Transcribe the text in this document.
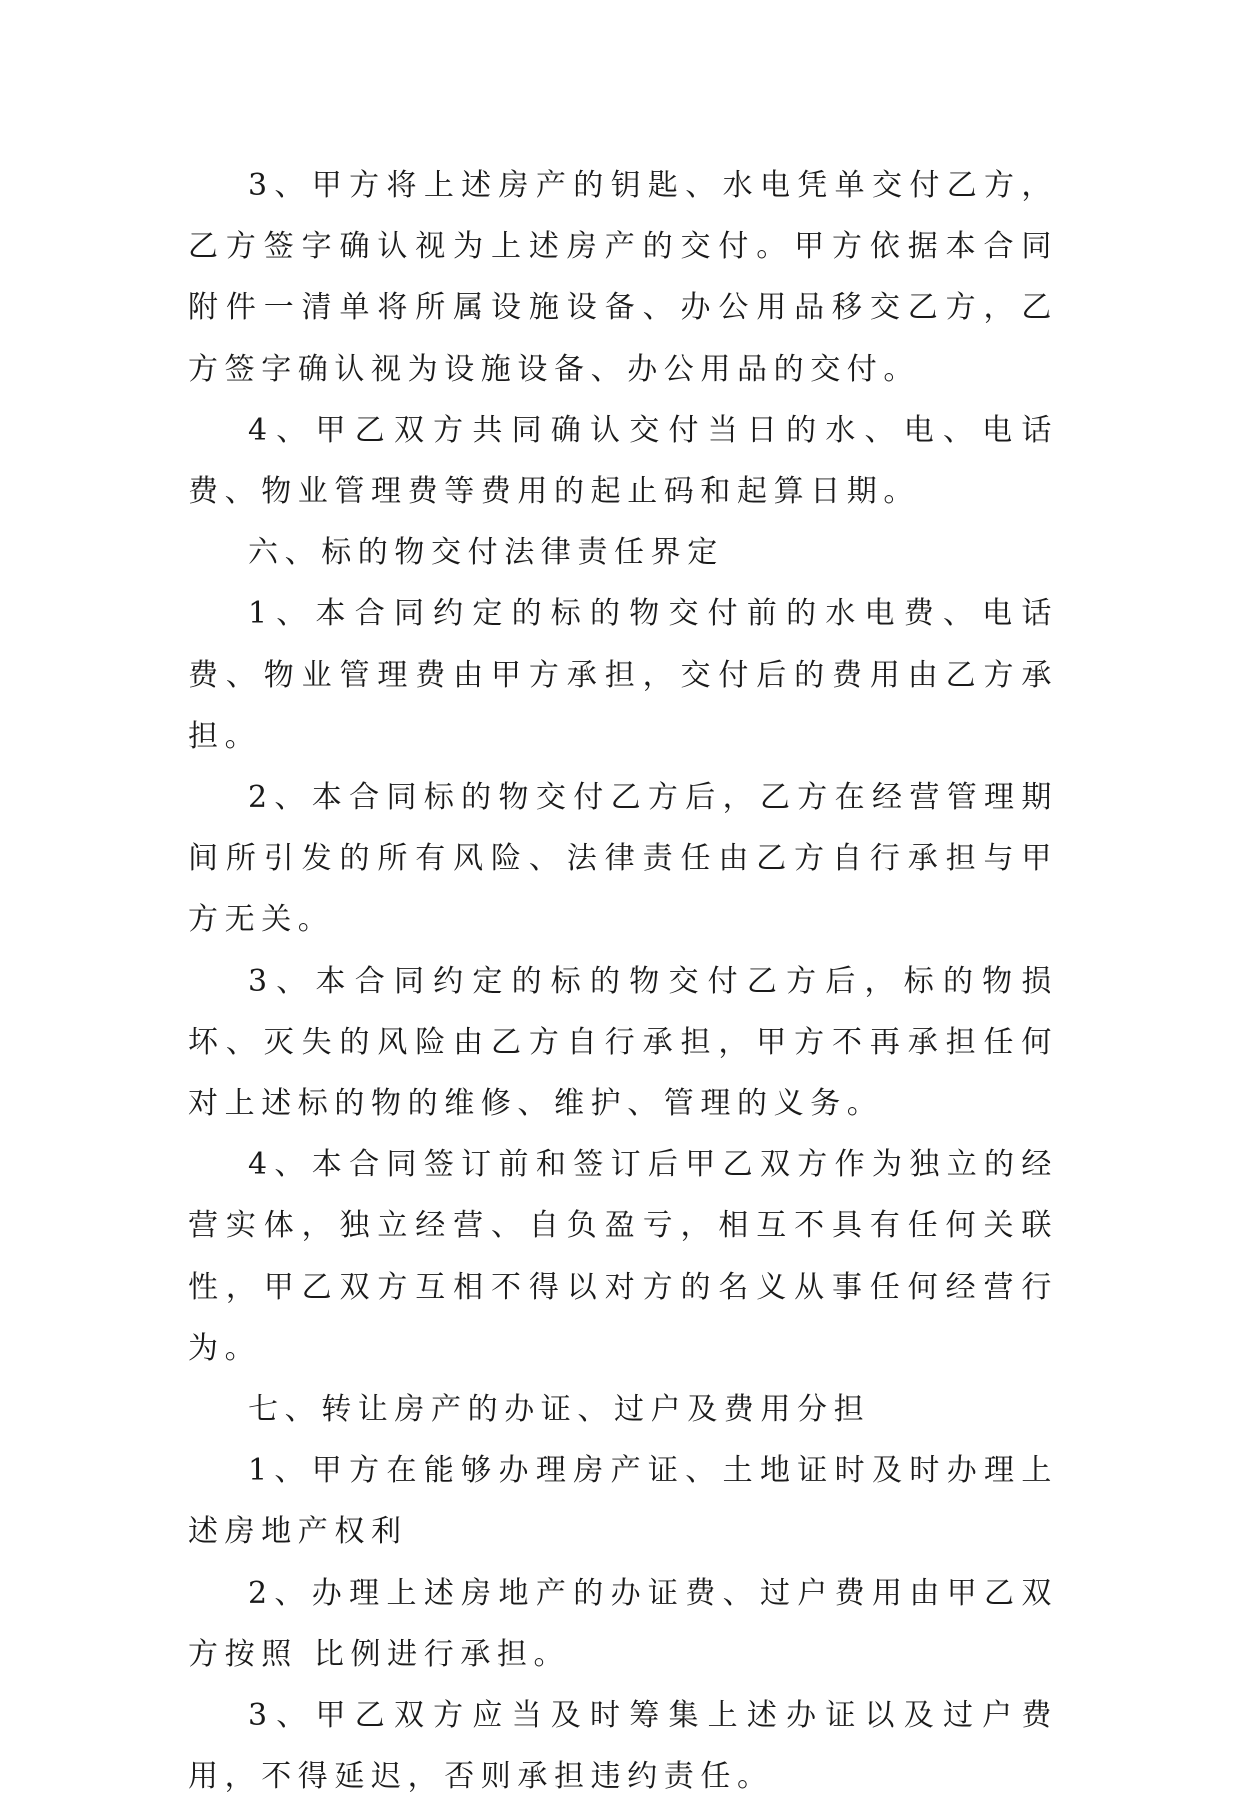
3、甲方将上述房产的钥匙、水电凭单交付乙方，乙方签字确认视为上述房产的交付。甲方依据本合同附件一清单将所属设施设备、办公用品移交乙方，乙方签字确认视为设施设备、办公用品的交付。

4、甲乙双方共同确认交付当日的水、电、电话费、物业管理费等费用的起止码和起算日期。

六、标的物交付法律责任界定

1、本合同约定的标的物交付前的水电费、电话费、物业管理费由甲方承担，交付后的费用由乙方承担。

2、本合同标的物交付乙方后，乙方在经营管理期间所引发的所有风险、法律责任由乙方自行承担与甲方无关。

3、本合同约定的标的物交付乙方后，标的物损坏、灭失的风险由乙方自行承担，甲方不再承担任何对上述标的物的维修、维护、管理的义务。

4、本合同签订前和签订后甲乙双方作为独立的经营实体，独立经营、自负盈亏，相互不具有任何关联性，甲乙双方互相不得以对方的名义从事任何经营行为。

七、转让房产的办证、过户及费用分担

1、甲方在能够办理房产证、土地证时及时办理上述房地产权利

2、办理上述房地产的办证费、过户费用由甲乙双方按照 比例进行承担。

3、甲乙双方应当及时筹集上述办证以及过户费用，不得延迟，否则承担违约责任。
